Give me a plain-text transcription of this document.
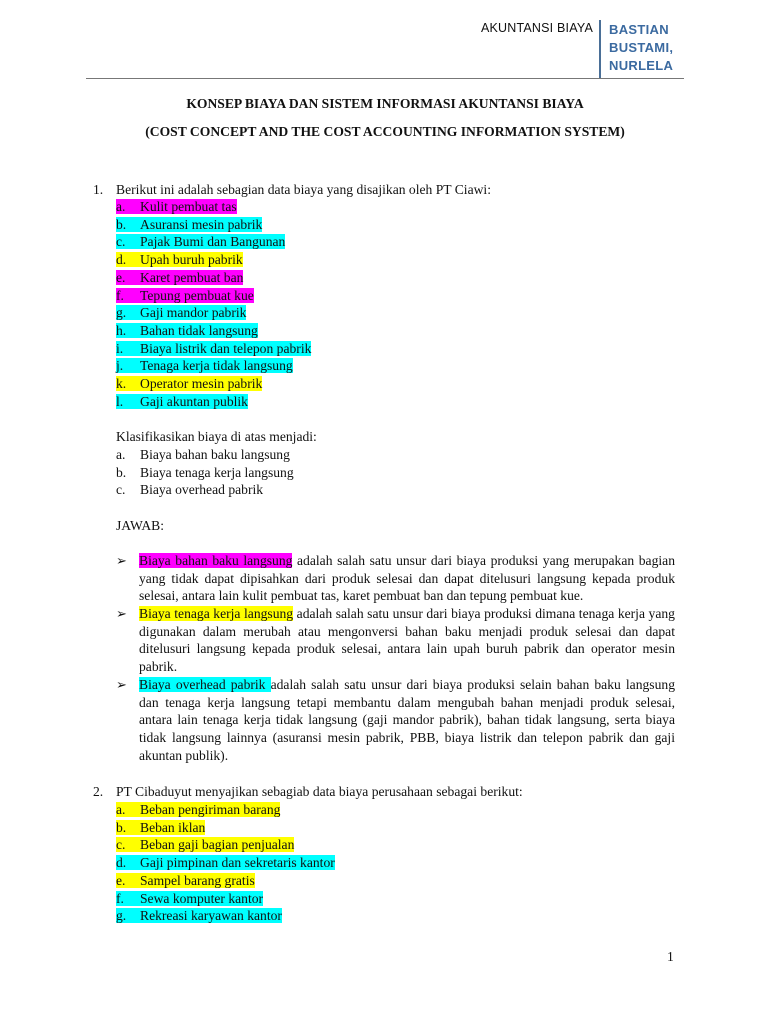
AKUNTANSI BIAYA BASTIAN
BUSTAMI,
NURLELA
KONSEP BIAYA DAN SISTEM INFORMASI AKUNTANSI BIAYA
(COST CONCEPT AND THE COST ACCOUNTING INFORMATION SYSTEM)
1. Berikut ini adalah sebagian data biaya yang disajikan oleh PT Ciawi:
a. Kulit pembuat tas
b. Asuransi mesin pabrik
c. Pajak Bumi dan Bangunan
d. Upah buruh pabrik
e. Karet pembuat ban
f. Tepung pembuat kue
g. Gaji mandor pabrik
h. Bahan tidak langsung
i. Biaya listrik dan telepon pabrik
j. Tenaga kerja tidak langsung
k. Operator mesin pabrik
l. Gaji akuntan publik
Klasifikasikan biaya di atas menjadi:
a. Biaya bahan baku langsung
b. Biaya tenaga kerja langsung
c. Biaya overhead pabrik
JAWAB:
➢ Biaya bahan baku langsung adalah salah satu unsur dari biaya produksi yang merupakan bagian yang tidak dapat dipisahkan dari produk selesai dan dapat ditelusuri langsung kepada produk selesai, antara lain kulit pembuat tas, karet pembuat ban dan tepung pembuat kue.
➢ Biaya tenaga kerja langsung adalah salah satu unsur dari biaya produksi dimana tenaga kerja yang digunakan dalam merubah atau mengonversi bahan baku menjadi produk selesai dan dapat ditelusuri langsung kepada produk selesai, antara lain upah buruh pabrik dan operator mesin pabrik.
➢ Biaya overhead pabrik adalah salah satu unsur dari biaya produksi selain bahan baku langsung dan tenaga kerja langsung tetapi membantu dalam mengubah bahan menjadi produk selesai, antara lain tenaga kerja tidak langsung (gaji mandor pabrik), bahan tidak langsung, serta biaya tidak langsung lainnya (asuransi mesin pabrik, PBB, biaya listrik dan telepon pabrik dan gaji akuntan publik).
2. PT Cibaduyut menyajikan sebagiab data biaya perusahaan sebagai berikut:
a. Beban pengiriman barang
b. Beban iklan
c. Beban gaji bagian penjualan
d. Gaji pimpinan dan sekretaris kantor
e. Sampel barang gratis
f. Sewa komputer kantor
g. Rekreasi karyawan kantor
1
